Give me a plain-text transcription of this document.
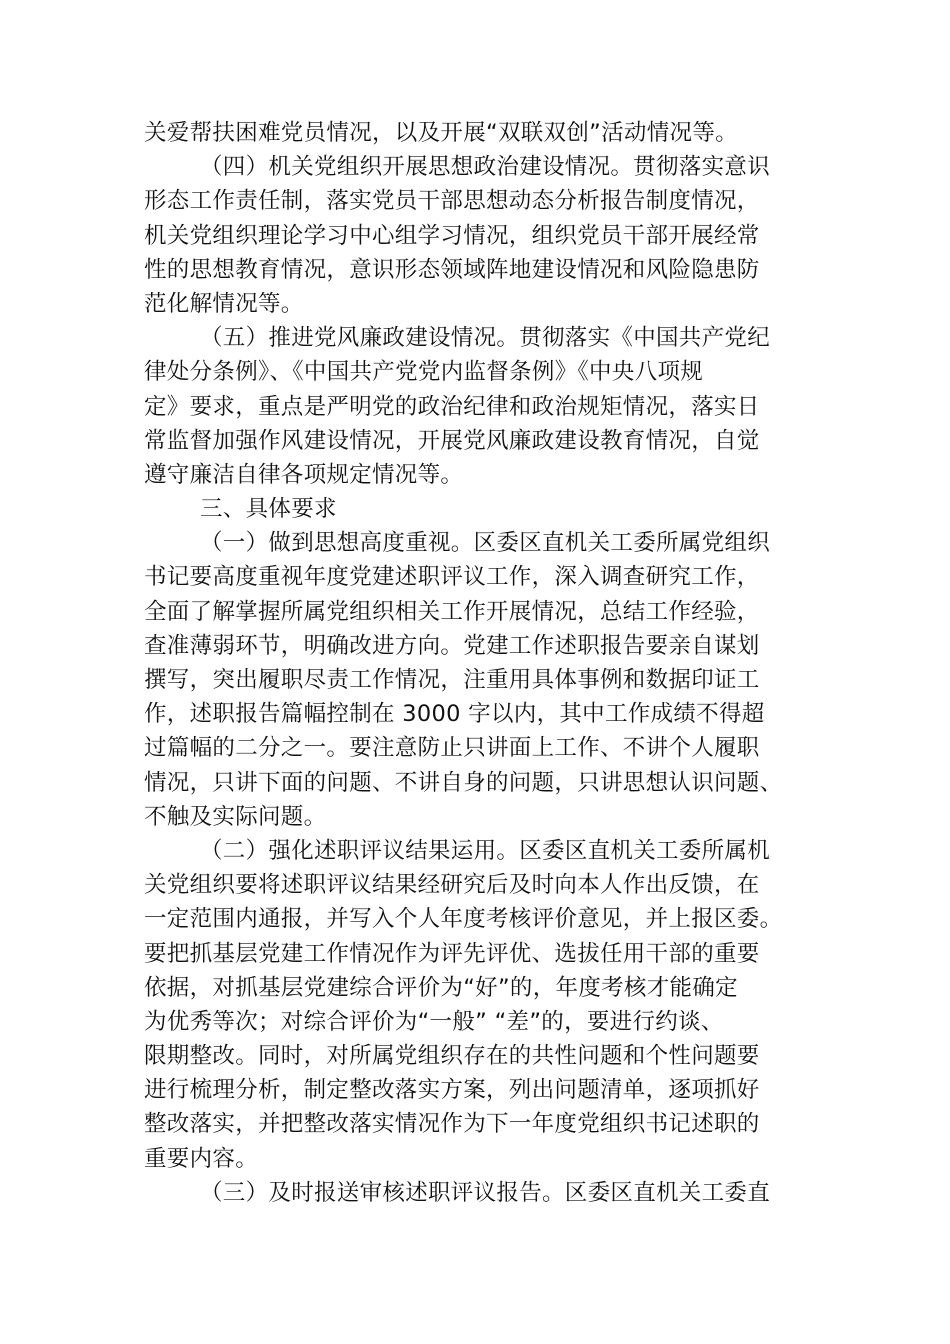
关爱帮扶困难党员情况，以及开展“双联双创”活动情况等。
（四）机关党组织开展思想政治建设情况。贯彻落实意识
形态工作责任制，落实党员干部思想动态分析报告制度情况，
机关党组织理论学习中心组学习情况，组织党员干部开展经常
性的思想教育情况，意识形态领域阵地建设情况和风险隐患防
范化解情况等。
（五）推进党风廉政建设情况。贯彻落实《中国共产党纪
律处分条例》、《中国共产党党内监督条例》《中央八项规
定》要求，重点是严明党的政治纪律和政治规矩情况，落实日
常监督加强作风建设情况，开展党风廉政建设教育情况，自觉
遵守廉洁自律各项规定情况等。
三、具体要求
（一）做到思想高度重视。区委区直机关工委所属党组织
书记要高度重视年度党建述职评议工作，深入调查研究工作，
全面了解掌握所属党组织相关工作开展情况，总结工作经验，
查准薄弱环节，明确改进方向。党建工作述职报告要亲自谋划
撰写，突出履职尽责工作情况，注重用具体事例和数据印证工
作，述职报告篇幅控制在 3000 字以内，其中工作成绩不得超
过篇幅的二分之一。要注意防止只讲面上工作、不讲个人履职
情况，只讲下面的问题、不讲自身的问题，只讲思想认识问题、
不触及实际问题。
（二）强化述职评议结果运用。区委区直机关工委所属机
关党组织要将述职评议结果经研究后及时向本人作出反馈，在
一定范围内通报，并写入个人年度考核评价意见，并上报区委。
要把抓基层党建工作情况作为评先评优、选拔任用干部的重要
依据，对抓基层党建综合评价为“好”的，年度考核才能确定
为优秀等次；对综合评价为“一般” “差”的，要进行约谈、
限期整改。同时，对所属党组织存在的共性问题和个性问题要
进行梳理分析，制定整改落实方案，列出问题清单，逐项抓好
整改落实，并把整改落实情况作为下一年度党组织书记述职的
重要内容。
（三）及时报送审核述职评议报告。区委区直机关工委直
